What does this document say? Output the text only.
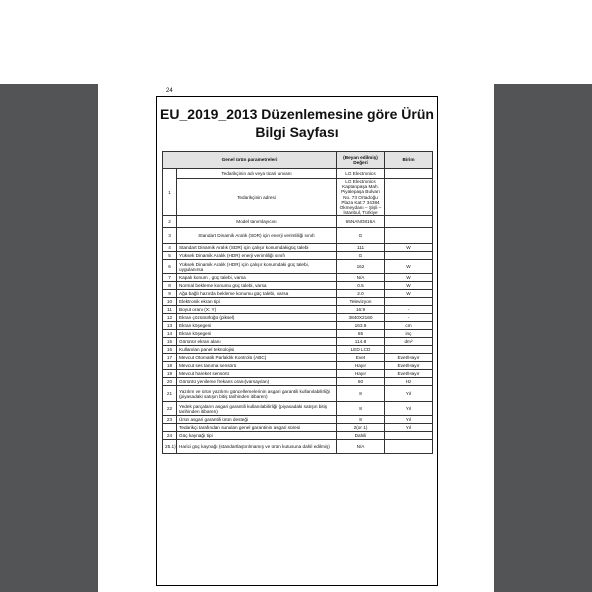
24
EU_2019_2013 Düzenlemesine göre Ürün Bilgi Sayfası
Genel ürün parametreleri		(Beyan edilmiş) Değeri	Birim
1	Tedarikçinin adı veya ticari unvanı	LG Electronics	
	Tedarikçinin adresi	LG Electronics
Kaptanpaşa Mah. Piyalepaşa Bulvarı
No. 73 Ortadoğu Plaza Kat:7 34384
Okmeydanı – Şişli – İstanbul, Türkiye	
2	Model tanımlayıcısı	65NANO816A	
3	Standart Dinamik Aralık (SDR) için enerji verimliliği sınıfı	G	
4	Standart Dinamik Aralık (SDR) için çalışır konumdakigüç talebi	111	W
5	Yüksek Dinamik Aralık (HDR) enerji verimliliği sınıfı	G	
6	Yüksek Dinamik Aralık (HDR) için çalışır konumdaki güç talebi, uygulanırsa	162	W
7	Kapalı konum , güç talebi, varsa	N/A	W
8	Normal bekleme konumu güç talebi, varsa	0.5	W
9	Ağa bağlı hazırda bekleme konumu güç talebi, varsa	2.0	W
10	Elektronik ekran tipi	Televizyon	
11	Boyut oranı (X: Y)	16:9	-
12	Ekran çözünürlüğü (piksel)	3840X2160	-
13	Ekran köşegeni	163.9	cm
14	Ekran köşegeni	65	inç
15	Görünür ekran alanı	114.8	dm²
16	Kullanılan panel teknolojisi	LED LCD	
17	Mevcut Otomatik Parlaklık Kontrolü (ABC)	Evet	Evet/Hayır
18	Mevcut ses tanıma sensörü	Hayır	Evet/Hayır
19	Mevcut hareket sensörü	Hayır	Evet/Hayır
20	Görüntü yenileme frekans oranı(varsayılan)	60	Hz
21	Yazılım ve ürün yazılımı güncellemelerinin asgari garantili kullanılabilirliği (piyasadaki satışın bitiş tarihinden itibaren)	8	Yıl
22	Yedek parçaların asgari garantili kullanılabilirliği (piyasadaki satışın bitiş tarihinden itibaren)	8	Yıl
23	Ürün asgari garantili ürün desteği	8	Yıl
	Tedarikçi tarafından sunulan genel garantinin asgari süresi	2(or 1)	Yıl
24	Güç kaynağı tipi	Dahili	
25.1)	Harici güç kaynağı (standartlaştırılmamış ve ürün kutusuna dahil edilmiş)	N/A	
